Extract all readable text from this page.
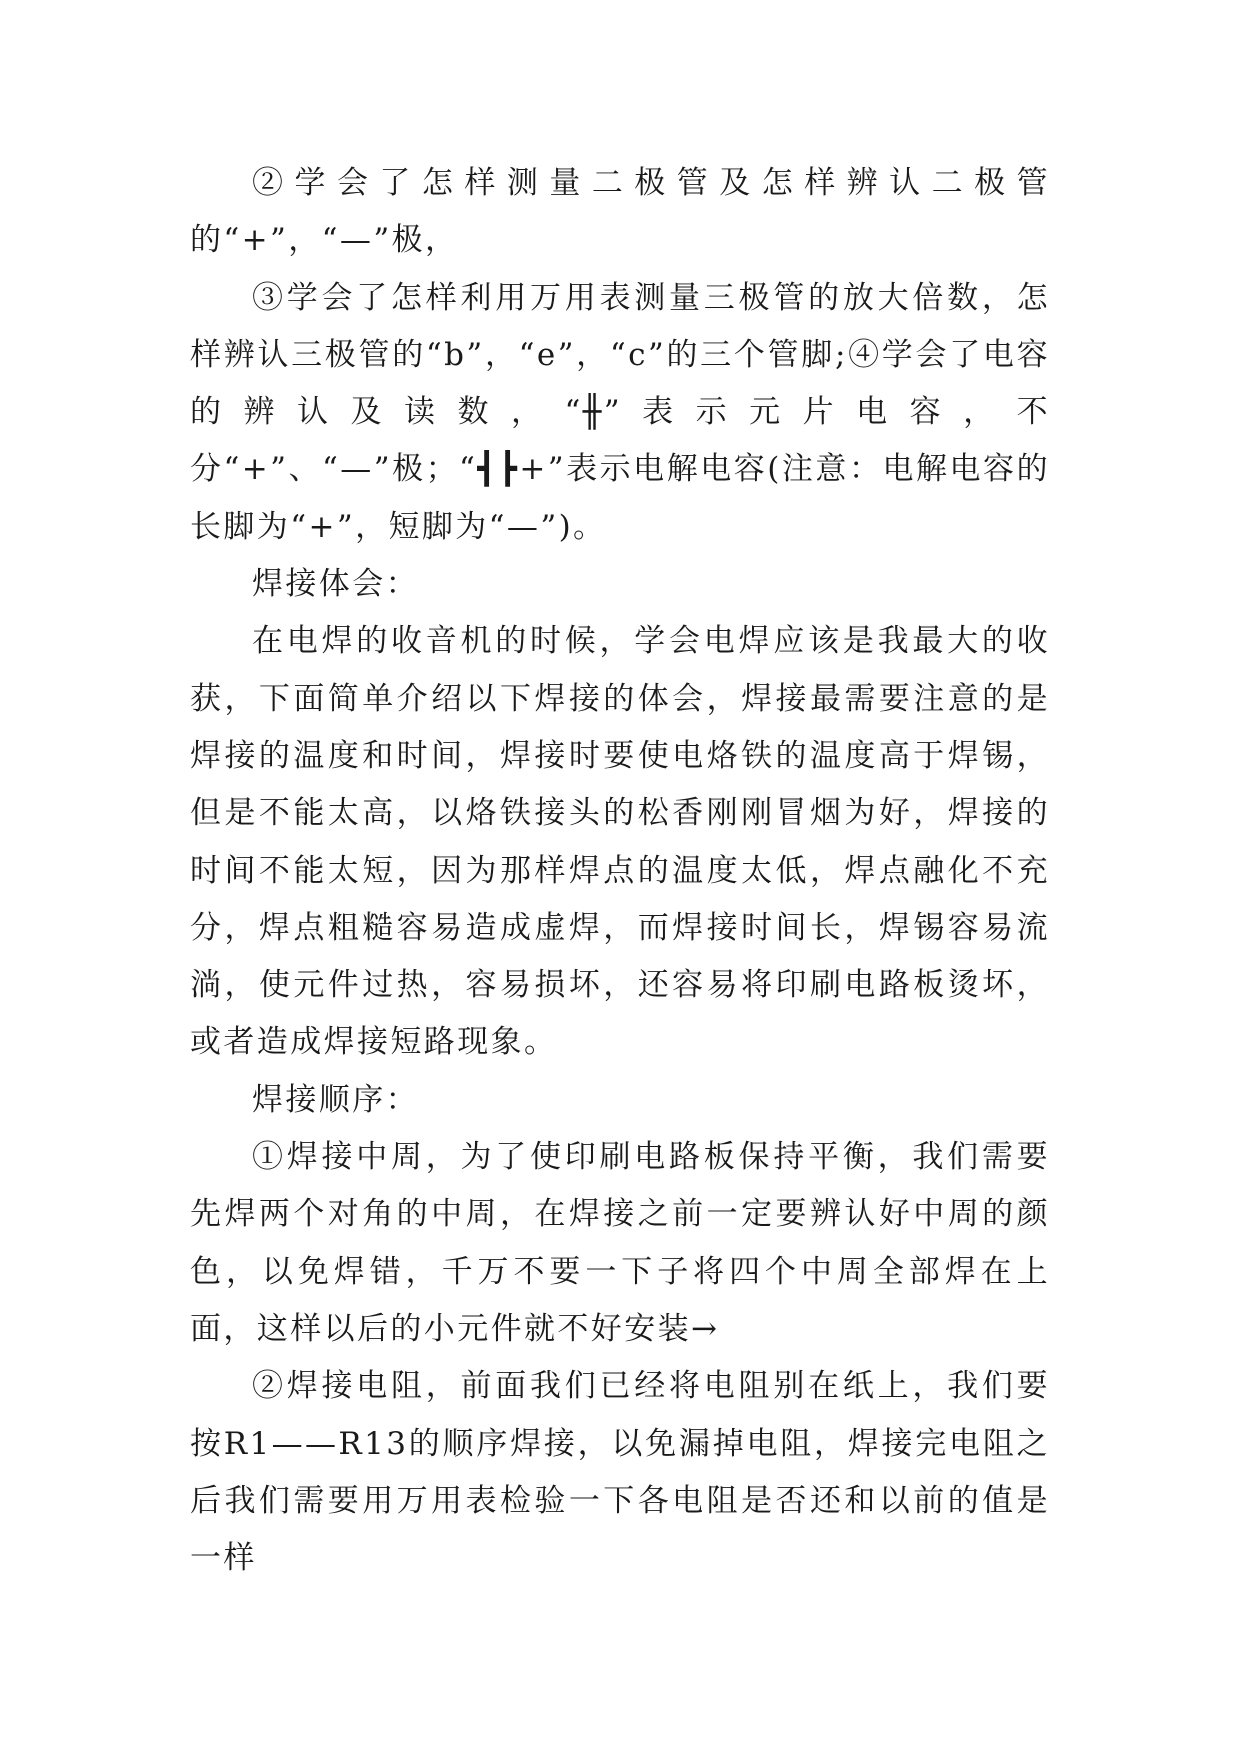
②学会了怎样测量二极管及怎样辨认二极管的“+”，“—”极，

③学会了怎样利用万用表测量三极管的放大倍数，怎样辨认三极管的“b”，“e”，“c”的三个管脚;④学会了电容的辨认及读数，“╫”表示元片电容，不分“+”、“—”极；“┫┣+”表示电解电容(注意：电解电容的长脚为“+”，短脚为“—”)。

焊接体会：

在电焊的收音机的时候，学会电焊应该是我最大的收获，下面简单介绍以下焊接的体会，焊接最需要注意的是焊接的温度和时间，焊接时要使电烙铁的温度高于焊锡，但是不能太高，以烙铁接头的松香刚刚冒烟为好，焊接的时间不能太短，因为那样焊点的温度太低，焊点融化不充分，焊点粗糙容易造成虚焊，而焊接时间长，焊锡容易流淌，使元件过热，容易损坏，还容易将印刷电路板烫坏，或者造成焊接短路现象。

焊接顺序：

①焊接中周，为了使印刷电路板保持平衡，我们需要先焊两个对角的中周，在焊接之前一定要辨认好中周的颜色，以免焊错，千万不要一下子将四个中周全部焊在上面，这样以后的小元件就不好安装→

②焊接电阻，前面我们已经将电阻别在纸上，我们要按R1——R13的顺序焊接，以免漏掉电阻，焊接完电阻之后我们需要用万用表检验一下各电阻是否还和以前的值是一样
